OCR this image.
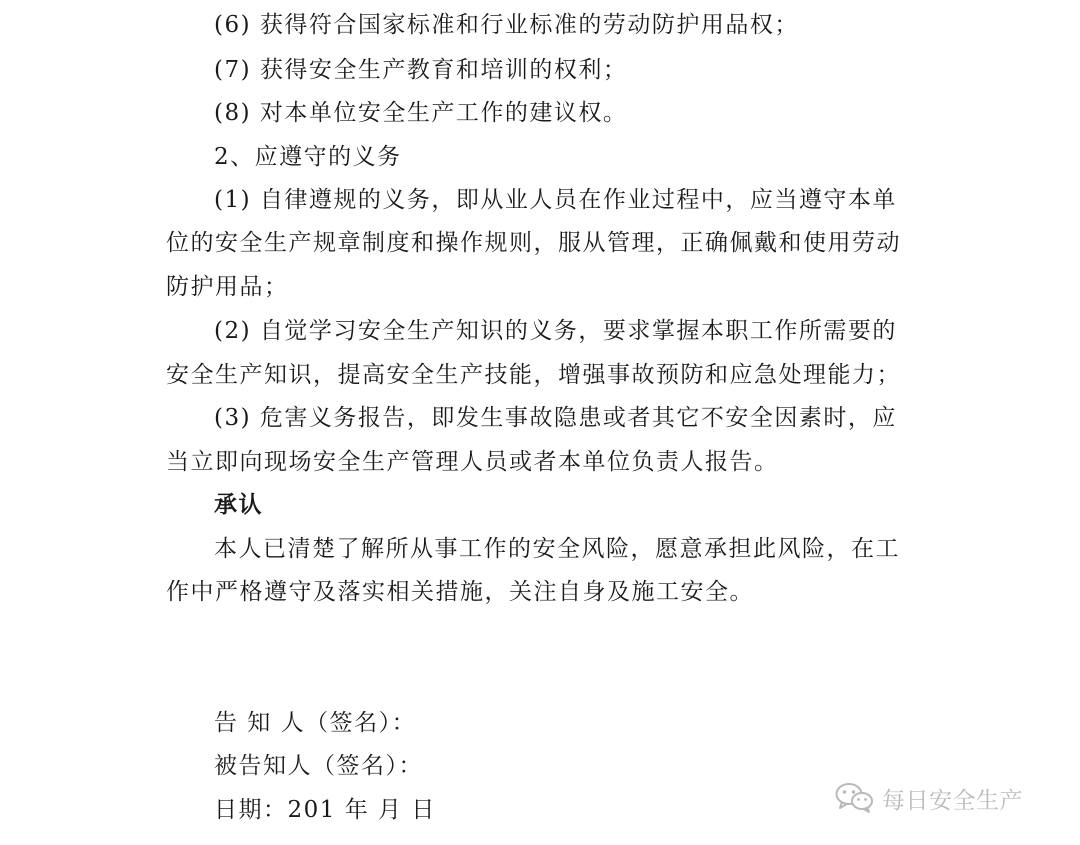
(6) 获得符合国家标准和行业标准的劳动防护用品权；
(7) 获得安全生产教育和培训的权利；
(8) 对本单位安全生产工作的建议权。
2、应遵守的义务
(1) 自律遵规的义务，即从业人员在作业过程中，应当遵守本单
位的安全生产规章制度和操作规则，服从管理，正确佩戴和使用劳动
防护用品；
(2) 自觉学习安全生产知识的义务，要求掌握本职工作所需要的
安全生产知识，提高安全生产技能，增强事故预防和应急处理能力；
(3) 危害义务报告，即发生事故隐患或者其它不安全因素时，应
当立即向现场安全生产管理人员或者本单位负责人报告。
承认
本人已清楚了解所从事工作的安全风险，愿意承担此风险，在工
作中严格遵守及落实相关措施，关注自身及施工安全。
告 知 人（签名）：
被告知人（签名）：
日期：201 年 月 日	每日安全生产
